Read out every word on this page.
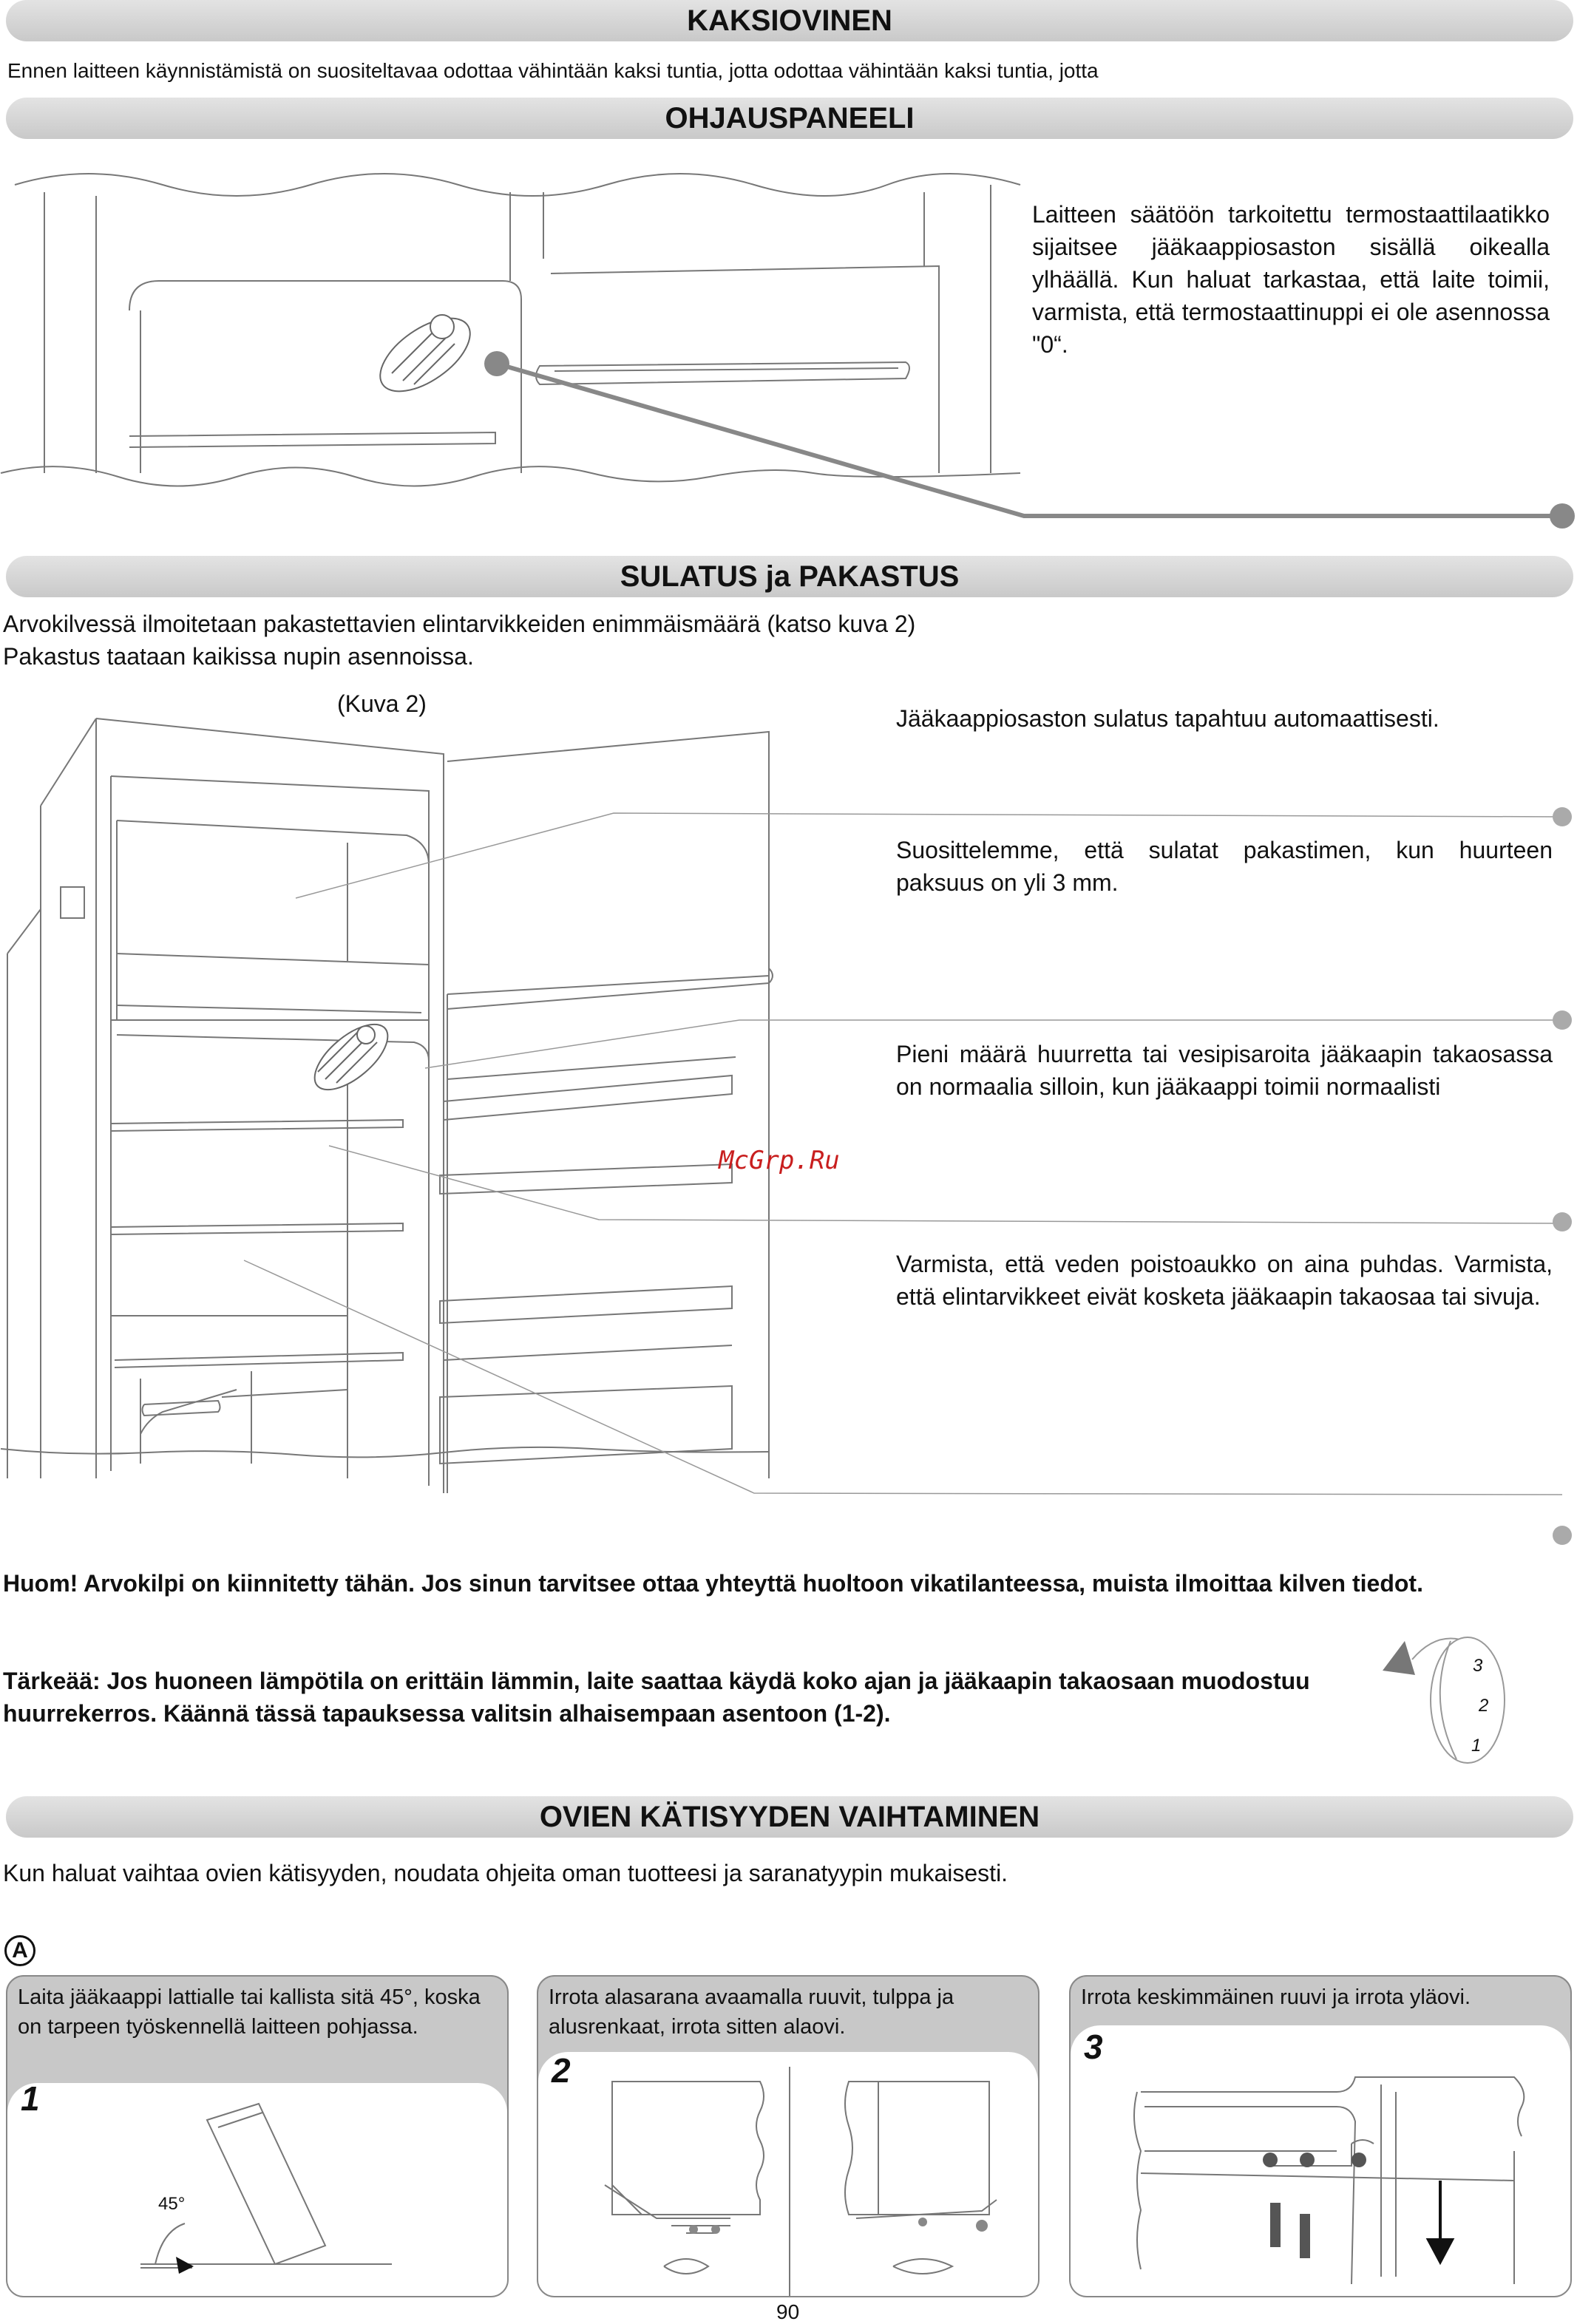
KAKSIOVINEN
Ennen laitteen käynnistämistä on suositeltavaa odottaa vähintään kaksi tuntia, jotta odottaa vähintään kaksi tuntia, jotta
OHJAUSPANEELI
Laitteen säätöön tarkoitettu termostaattilaatikko sijaitsee jääkaappiosaston sisällä oikealla ylhäällä. Kun haluat tarkastaa, että laite toimii, varmista, että termostaattinuppi ei ole asennossa "0“.
SULATUS ja PAKASTUS
Arvokilvessä ilmoitetaan pakastettavien elintarvikkeiden enimmäismäärä (katso kuva 2)
Pakastus taataan kaikissa nupin asennoissa.
(Kuva 2)
Jääkaappiosaston sulatus tapahtuu automaattisesti.
Suosittelemme, että sulatat pakastimen, kun huurteen paksuus on yli 3 mm.
Pieni määrä huurretta tai vesipisaroita jääkaapin takaosassa on normaalia silloin, kun jääkaappi toimii normaalisti
Varmista, että veden poistoaukko on aina puhdas. Varmista, että elintarvikkeet eivät kosketa jääkaapin takaosaa tai sivuja.
McGrp.Ru
Huom! Arvokilpi on kiinnitetty tähän. Jos sinun tarvitsee ottaa yhteyttä huoltoon vikatilanteessa, muista ilmoittaa kilven tiedot.
Tärkeää: Jos huoneen lämpötila on erittäin lämmin, laite saattaa käydä koko ajan ja jääkaapin takaosaan muodostuu huurrekerros. Käännä tässä tapauksessa valitsin alhaisempaan asentoon (1-2).
3
2
1
OVIEN KÄTISYYDEN VAIHTAMINEN
Kun haluat vaihtaa ovien kätisyyden, noudata ohjeita oman tuotteesi ja saranatyypin mukaisesti.
A
Laita jääkaappi lattialle tai kallista sitä 45°, koska on tarpeen työskennellä laitteen pohjassa.
1
45°
Irrota alasarana avaamalla ruuvit, tulppa ja alusrenkaat, irrota sitten alaovi.
2
Irrota keskimmäinen ruuvi ja irrota yläovi.
3
90
